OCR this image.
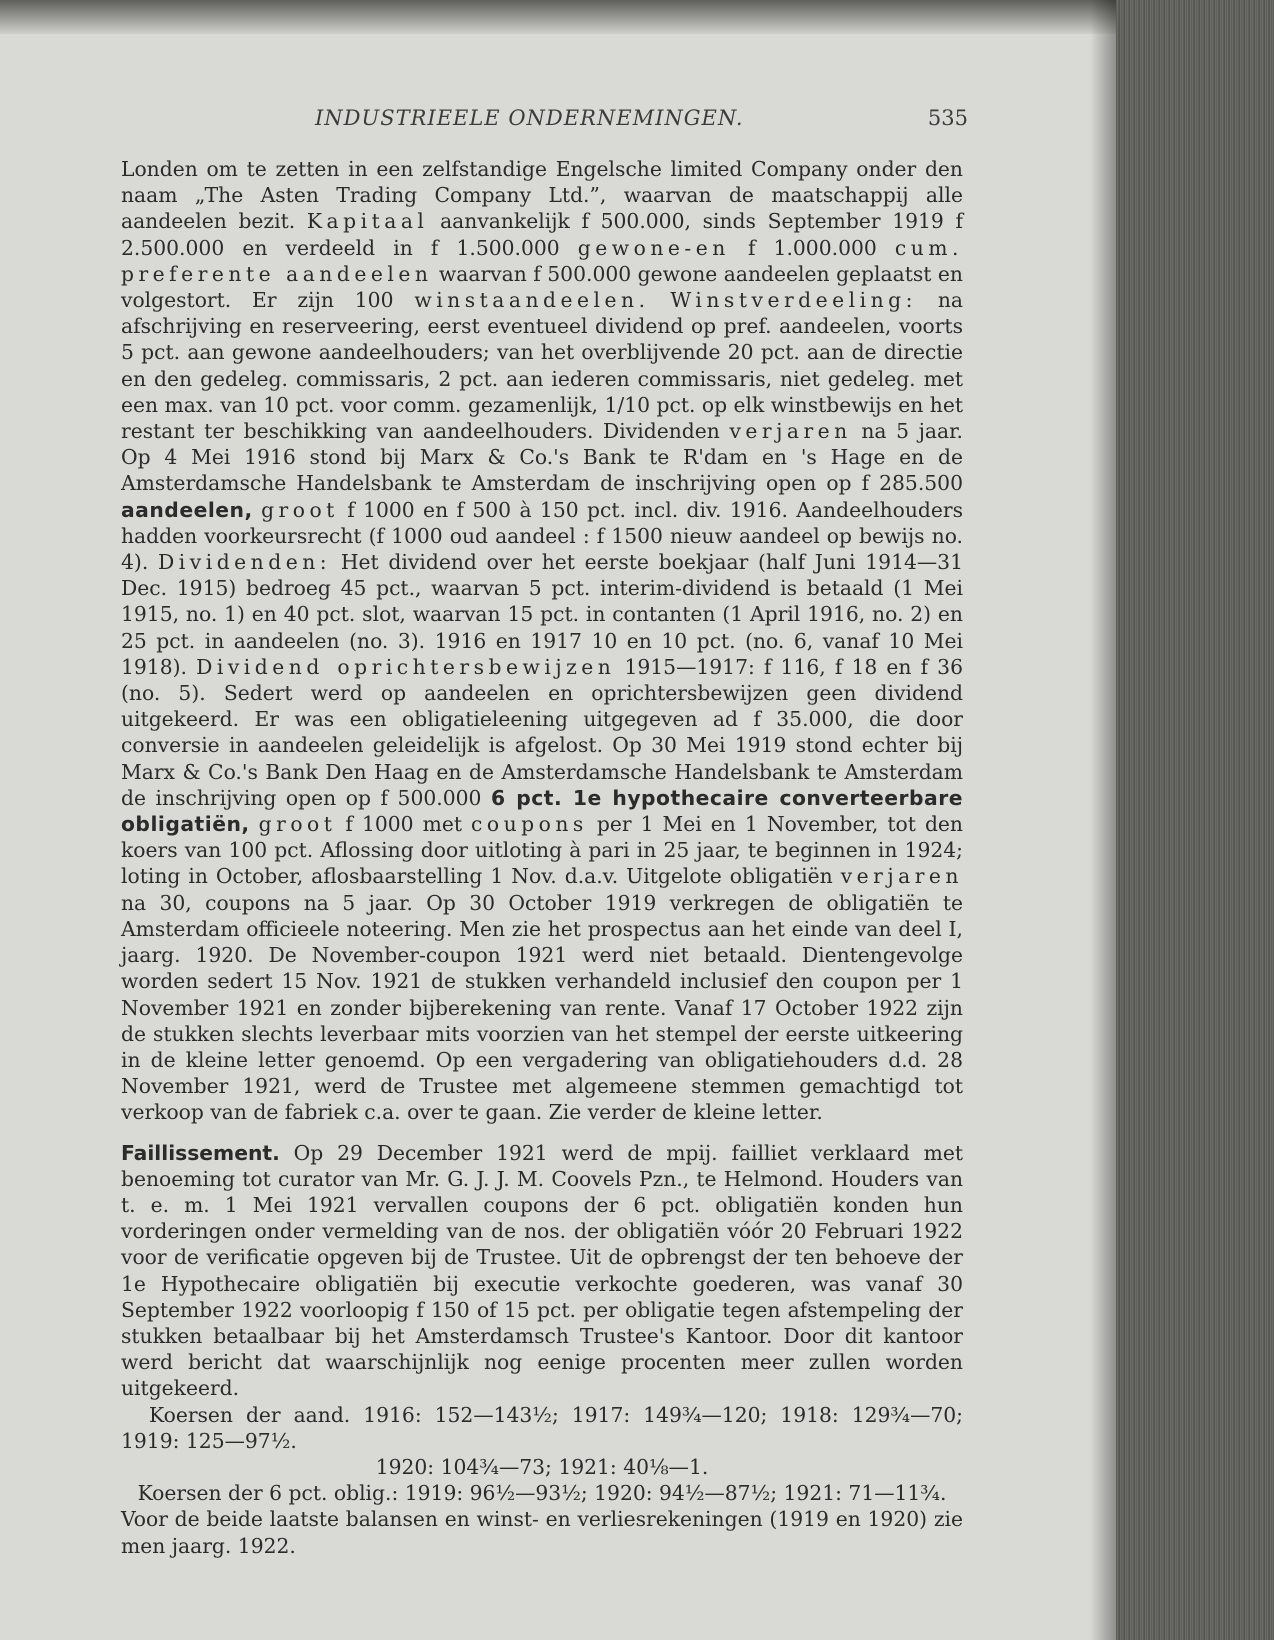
INDUSTRIEELE ONDERNEMINGEN.	535

Londen om te zetten in een zelfstandige Engelsche limited Company onder den naam „The Asten Trading Company Ltd.”, waarvan de maatschappij alle aandeelen bezit. Kapitaal aanvankelijk f 500.000, sinds September 1919 f 2.500.000 en verdeeld in f 1.500.000 gewone-en f 1.000.000 cum. preferente aandeelen waarvan f 500.000 gewone aandeelen geplaatst en volgestort. Er zijn 100 winstaandeelen. Winstverdeeling: na afschrijving en reserveering, eerst eventueel dividend op pref. aandeelen, voorts 5 pct. aan gewone aandeelhouders; van het overblijvende 20 pct. aan de directie en den gedeleg. commissaris, 2 pct. aan iederen commissaris, niet gedeleg. met een max. van 10 pct. voor comm. gezamenlijk, 1/10 pct. op elk winstbewijs en het restant ter beschikking van aandeelhouders. Dividenden verjaren na 5 jaar. Op 4 Mei 1916 stond bij Marx & Co.'s Bank te R'dam en 's Hage en de Amsterdamsche Handelsbank te Amsterdam de inschrijving open op f 285.500 aandeelen, groot f 1000 en f 500 à 150 pct. incl. div. 1916. Aandeelhouders hadden voorkeursrecht (f 1000 oud aandeel : f 1500 nieuw aandeel op bewijs no. 4). Dividenden: Het dividend over het eerste boekjaar (half Juni 1914—31 Dec. 1915) bedroeg 45 pct., waarvan 5 pct. interim-dividend is betaald (1 Mei 1915, no. 1) en 40 pct. slot, waarvan 15 pct. in contanten (1 April 1916, no. 2) en 25 pct. in aandeelen (no. 3). 1916 en 1917 10 en 10 pct. (no. 6, vanaf 10 Mei 1918). Dividend oprichtersbewijzen 1915—1917: f 116, f 18 en f 36 (no. 5). Sedert werd op aandeelen en oprichtersbewijzen geen dividend uitgekeerd. Er was een obligatieleening uitgegeven ad f 35.000, die door conversie in aandeelen geleidelijk is afgelost. Op 30 Mei 1919 stond echter bij Marx & Co.'s Bank Den Haag en de Amsterdamsche Handelsbank te Amsterdam de inschrijving open op f 500.000 6 pct. 1e hypothecaire converteerbare obligatiën, groot f 1000 met coupons per 1 Mei en 1 November, tot den koers van 100 pct. Aflossing door uitloting à pari in 25 jaar, te beginnen in 1924; loting in October, aflosbaarstelling 1 Nov. d.a.v. Uitgelote obligatiën verjaren na 30, coupons na 5 jaar. Op 30 October 1919 verkregen de obligatiën te Amsterdam officieele noteering. Men zie het prospectus aan het einde van deel I, jaarg. 1920. De November-coupon 1921 werd niet betaald. Dientengevolge worden sedert 15 Nov. 1921 de stukken verhandeld inclusief den coupon per 1 November 1921 en zonder bijberekening van rente. Vanaf 17 October 1922 zijn de stukken slechts leverbaar mits voorzien van het stempel der eerste uitkeering in de kleine letter genoemd. Op een vergadering van obligatiehouders d.d. 28 November 1921, werd de Trustee met algemeene stemmen gemachtigd tot verkoop van de fabriek c.a. over te gaan. Zie verder de kleine letter.

Faillissement. Op 29 December 1921 werd de mpij. failliet verklaard met benoeming tot curator van Mr. G. J. J. M. Coovels Pzn., te Helmond. Houders van t. e. m. 1 Mei 1921 vervallen coupons der 6 pct. obligatiën konden hun vorderingen onder vermelding van de nos. der obligatiën vóór 20 Februari 1922 voor de verificatie opgeven bij de Trustee. Uit de opbrengst der ten behoeve der 1e Hypothecaire obligatiën bij executie verkochte goederen, was vanaf 30 September 1922 voorloopig f 150 of 15 pct. per obligatie tegen afstempeling der stukken betaalbaar bij het Amsterdamsch Trustee's Kantoor. Door dit kantoor werd bericht dat waarschijnlijk nog eenige procenten meer zullen worden uitgekeerd.

Koersen der aand. 1916: 152—143½; 1917: 149¾—120; 1918: 129¾—70; 1919: 125—97½.

1920: 104¾—73; 1921: 40⅛—1.

Koersen der 6 pct. oblig.: 1919: 96½—93½; 1920: 94½—87½; 1921: 71—11¾.

Voor de beide laatste balansen en winst- en verliesrekeningen (1919 en 1920) zie men jaarg. 1922.
